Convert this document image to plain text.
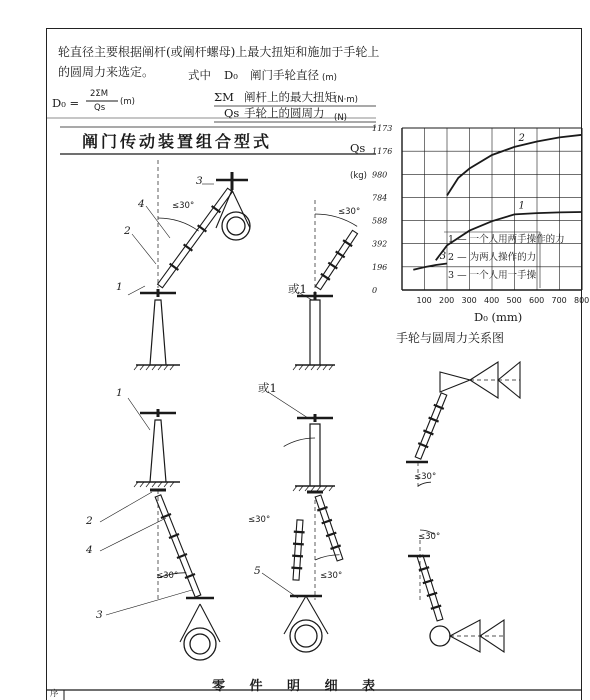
轮直径主要根据阐杆(或阐杆螺母)上最大扭矩和施加于手轮上
的圆周力来选定。
D₀ =
2ΣM
Qs
(m)
式中 D₀ 阐门手轮直径 (m)
ΣM 阐杆上的最大扭矩
(N·m)
Qs 手轮上的圆周力 (N)
阐门传动装置组合型式
3
4
2
1
≤30°
≤30°
或1
1	或1
2
4
3
5
≤30°
≤30°
≤30°
≤30°
≤30°
Qs
(kg)
D₀ (mm)
手轮与圆周力关系图
零 件 明 细 表
序
100 200 300 400 500 600 700 800
1173
1176
980
784
588
392
196
0
1
2
3
1 — 一个人用两手操作的力
2 — 为两人操作的力
3 — 一个人用一手操
